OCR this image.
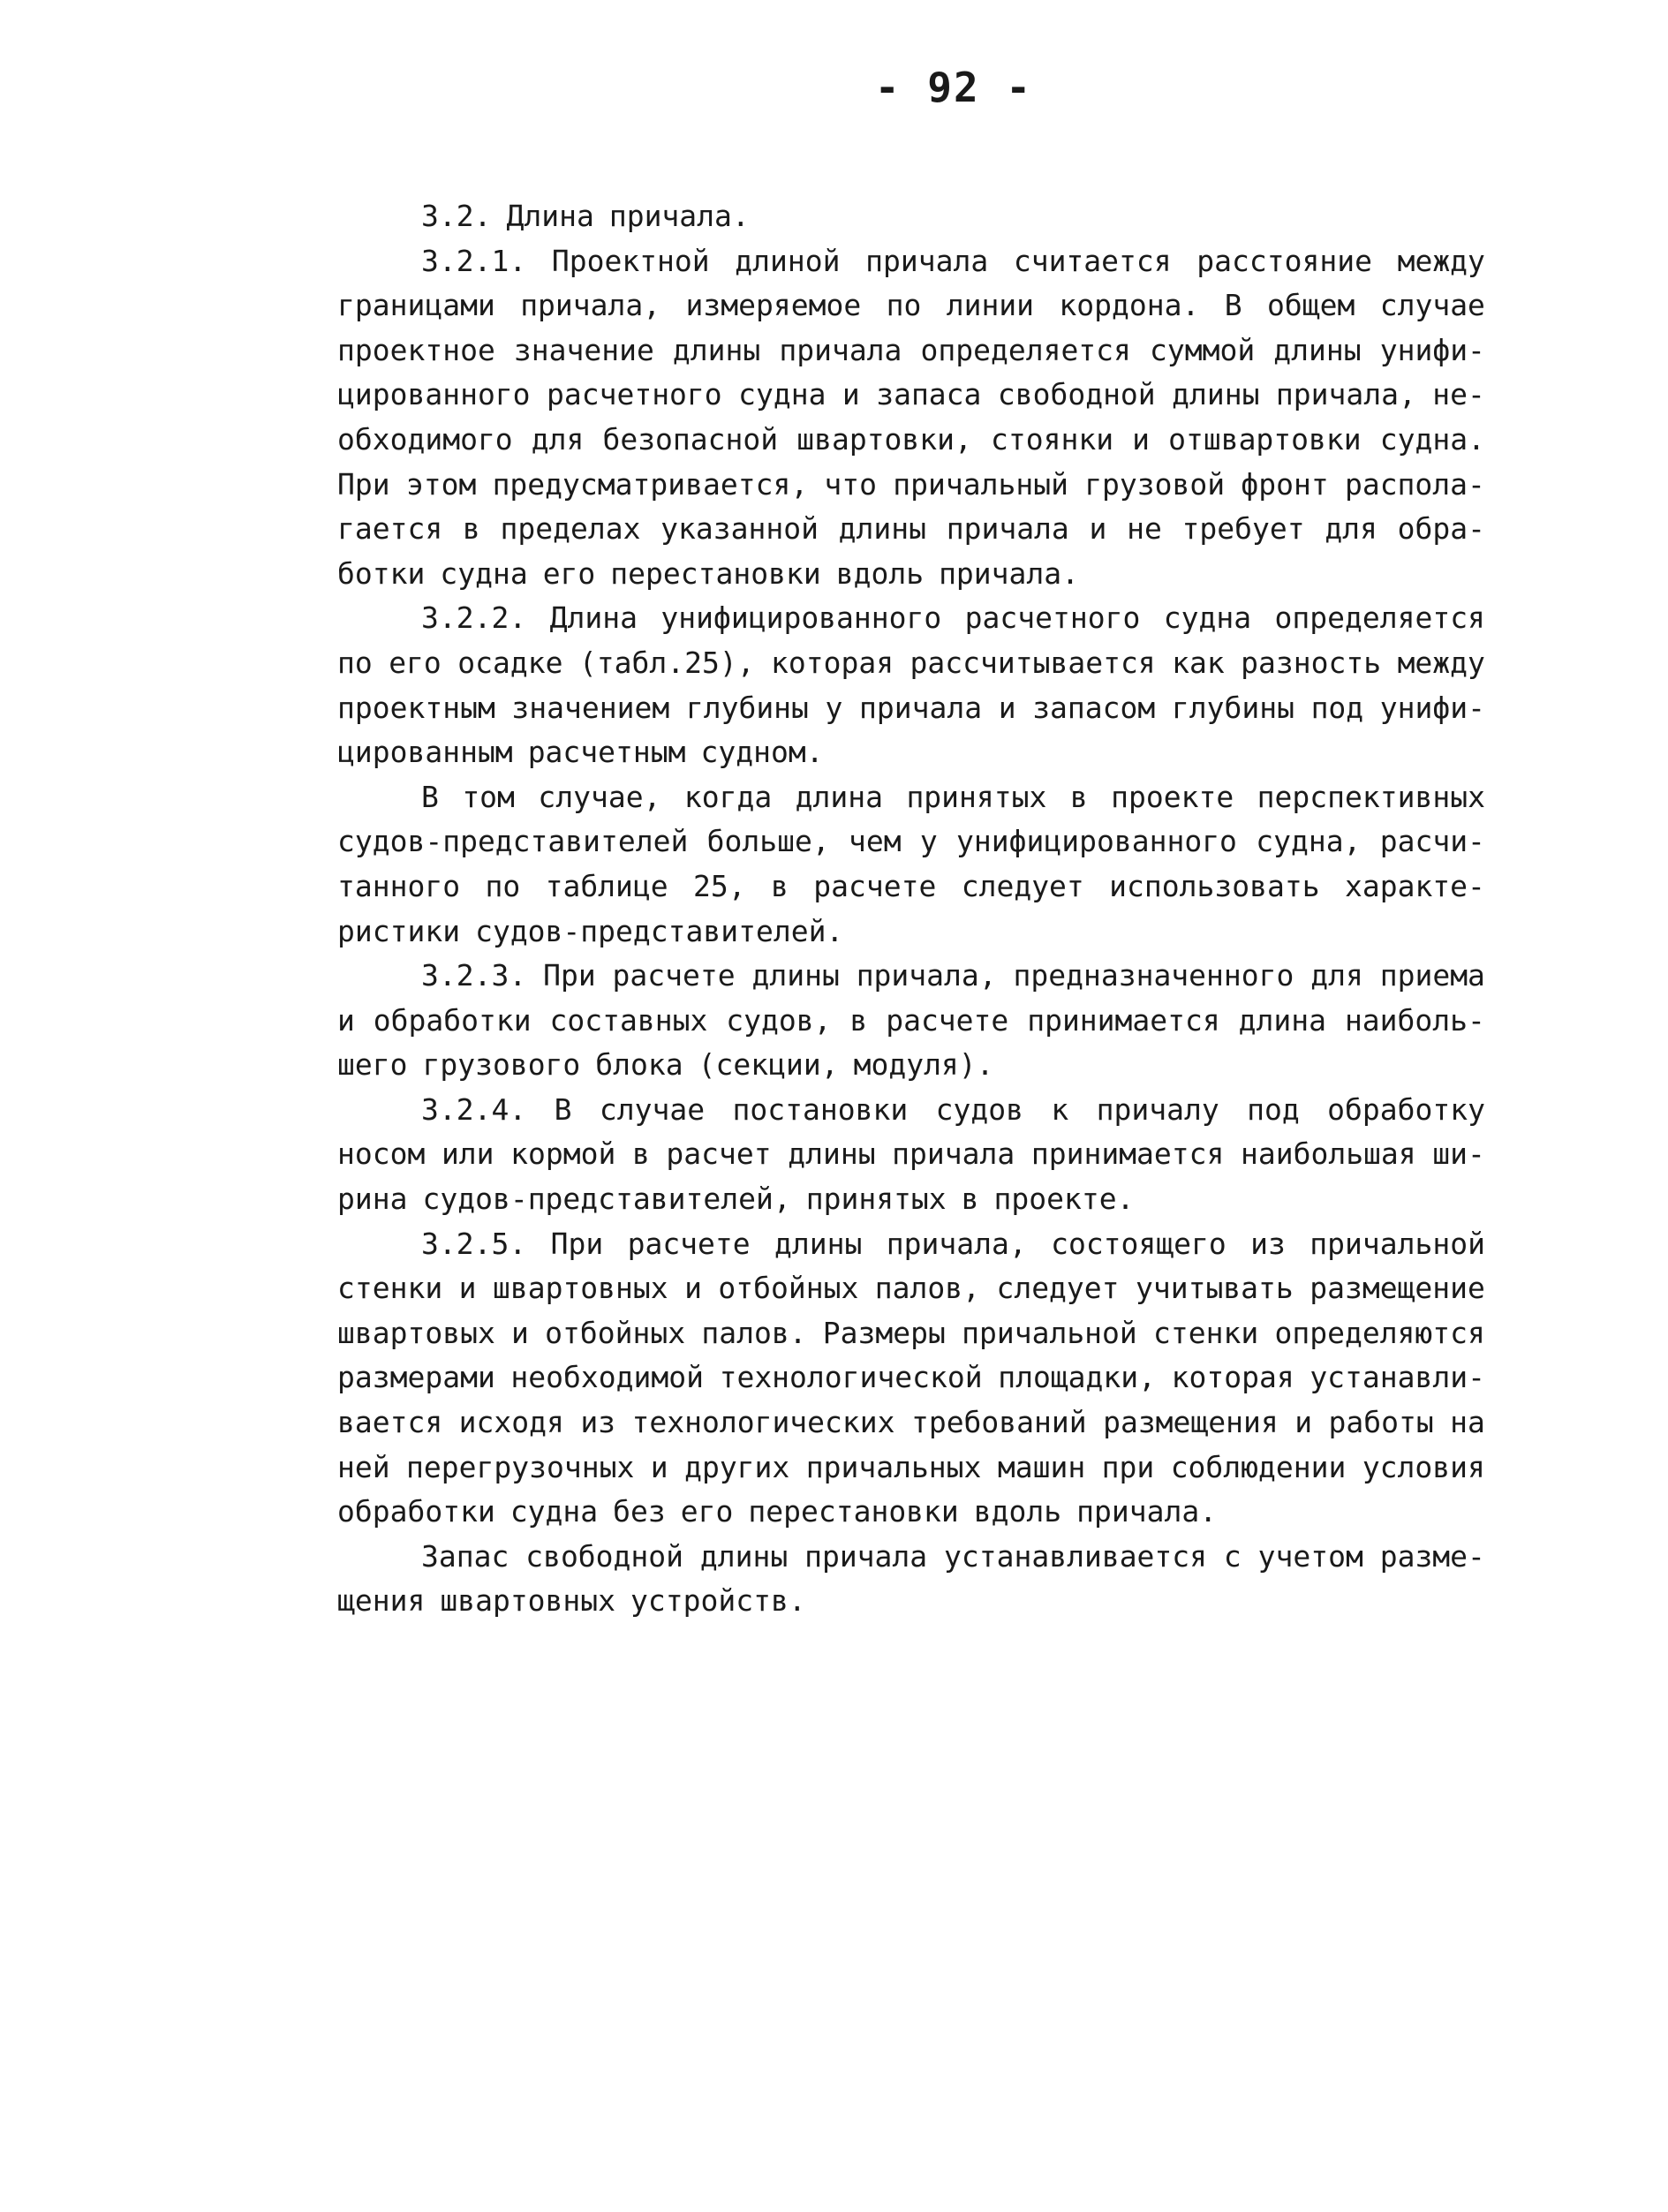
- 92 -
3.2. Длина причала.
3.2.1. Проектной длиной причала считается расстояние между
границами причала, измеряемое по линии кордона. В общем случае
проектное значение длины причала определяется суммой длины унифи-
цированного расчетного судна и запаса свободной длины причала, не-
обходимого для безопасной швартовки, стоянки и отшвартовки судна.
При этом предусматривается, что причальный грузовой фронт распола-
гается в пределах указанной длины причала и не требует для обра-
ботки судна его перестановки вдоль причала.
3.2.2. Длина унифицированного расчетного судна определяется
по его осадке (табл.25), которая рассчитывается как разность между
проектным значением глубины у причала и запасом глубины под унифи-
цированным расчетным судном.
В том случае, когда длина принятых в проекте перспективных
судов-представителей больше, чем у унифицированного судна, расчи-
танного по таблице 25, в расчете следует использовать характе-
ристики судов-представителей.
3.2.3. При расчете длины причала, предназначенного для приема
и обработки составных судов, в расчете принимается длина наиболь-
шего грузового блока (секции, модуля).
3.2.4. В случае постановки судов к причалу под обработку
носом или кормой в расчет длины причала принимается наибольшая ши-
рина судов-представителей, принятых в проекте.
3.2.5. При расчете длины причала, состоящего из причальной
стенки и швартовных и отбойных палов, следует учитывать размещение
швартовых и отбойных палов. Размеры причальной стенки определяются
размерами необходимой технологической площадки, которая устанавли-
вается исходя из технологических требований размещения и работы на
ней перегрузочных и других причальных машин при соблюдении условия
обработки судна без его перестановки вдоль причала.
Запас свободной длины причала устанавливается с учетом разме-
щения швартовных устройств.
